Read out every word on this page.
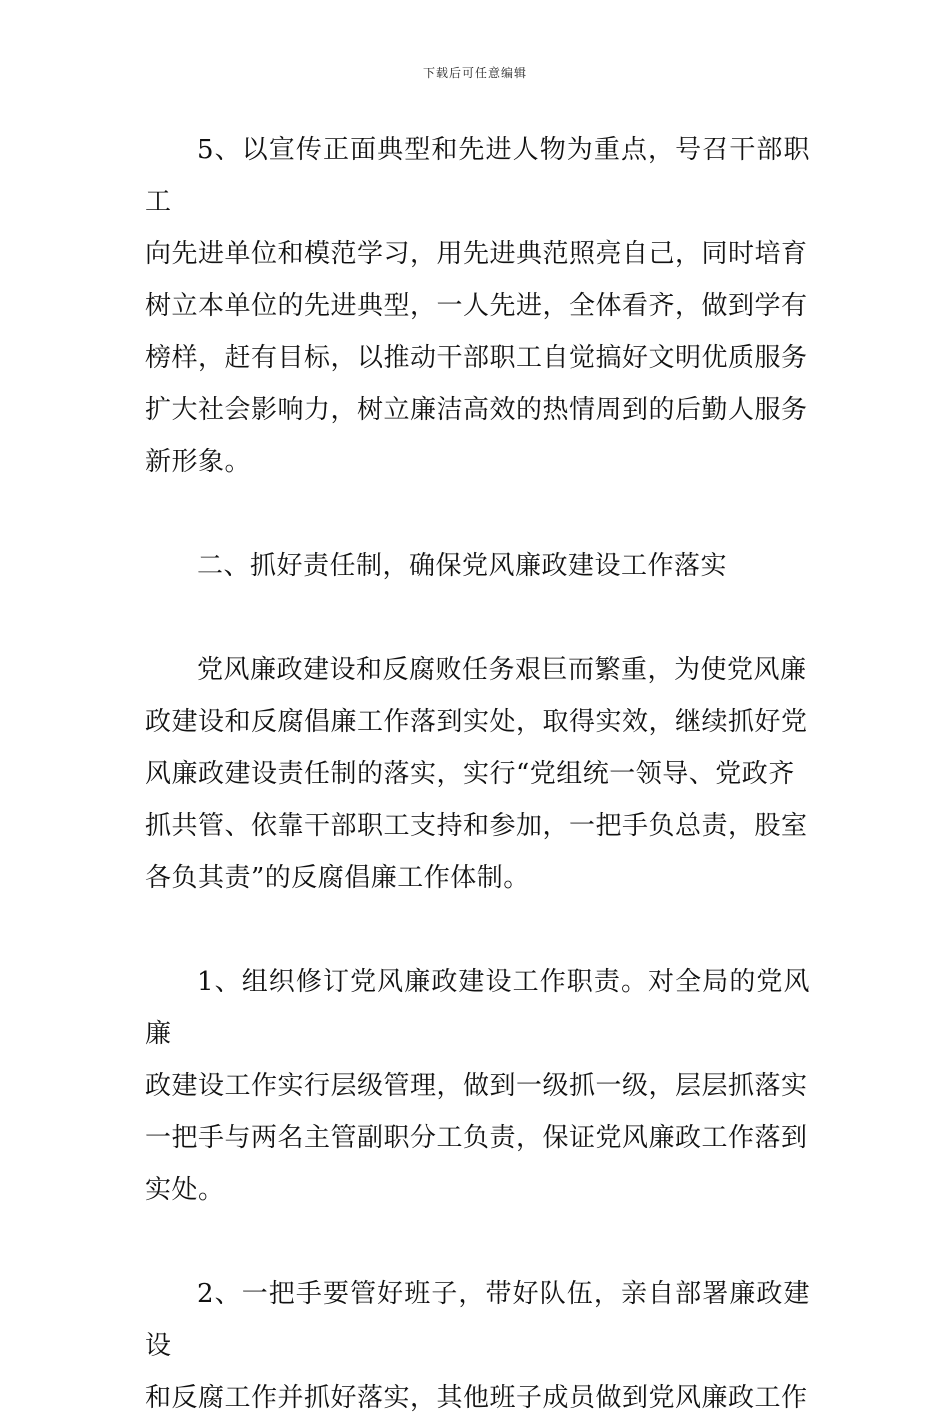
下载后可任意编辑
5、以宣传正面典型和先进人物为重点，号召干部职工
向先进单位和模范学习，用先进典范照亮自己，同时培育
树立本单位的先进典型，一人先进，全体看齐，做到学有
榜样，赶有目标，以推动干部职工自觉搞好文明优质服务
扩大社会影响力，树立廉洁高效的热情周到的后勤人服务
新形象。
二、抓好责任制，确保党风廉政建设工作落实
党风廉政建设和反腐败任务艰巨而繁重，为使党风廉
政建设和反腐倡廉工作落到实处，取得实效，继续抓好党
风廉政建设责任制的落实，实行“党组统一领导、党政齐
抓共管、依靠干部职工支持和参加，一把手负总责，股室
各负其责”的反腐倡廉工作体制。
1、组织修订党风廉政建设工作职责。对全局的党风廉
政建设工作实行层级管理，做到一级抓一级，层层抓落实
一把手与两名主管副职分工负责，保证党风廉政工作落到
实处。
2、一把手要管好班子，带好队伍，亲自部署廉政建设
和反腐工作并抓好落实，其他班子成员做到党风廉政工作
